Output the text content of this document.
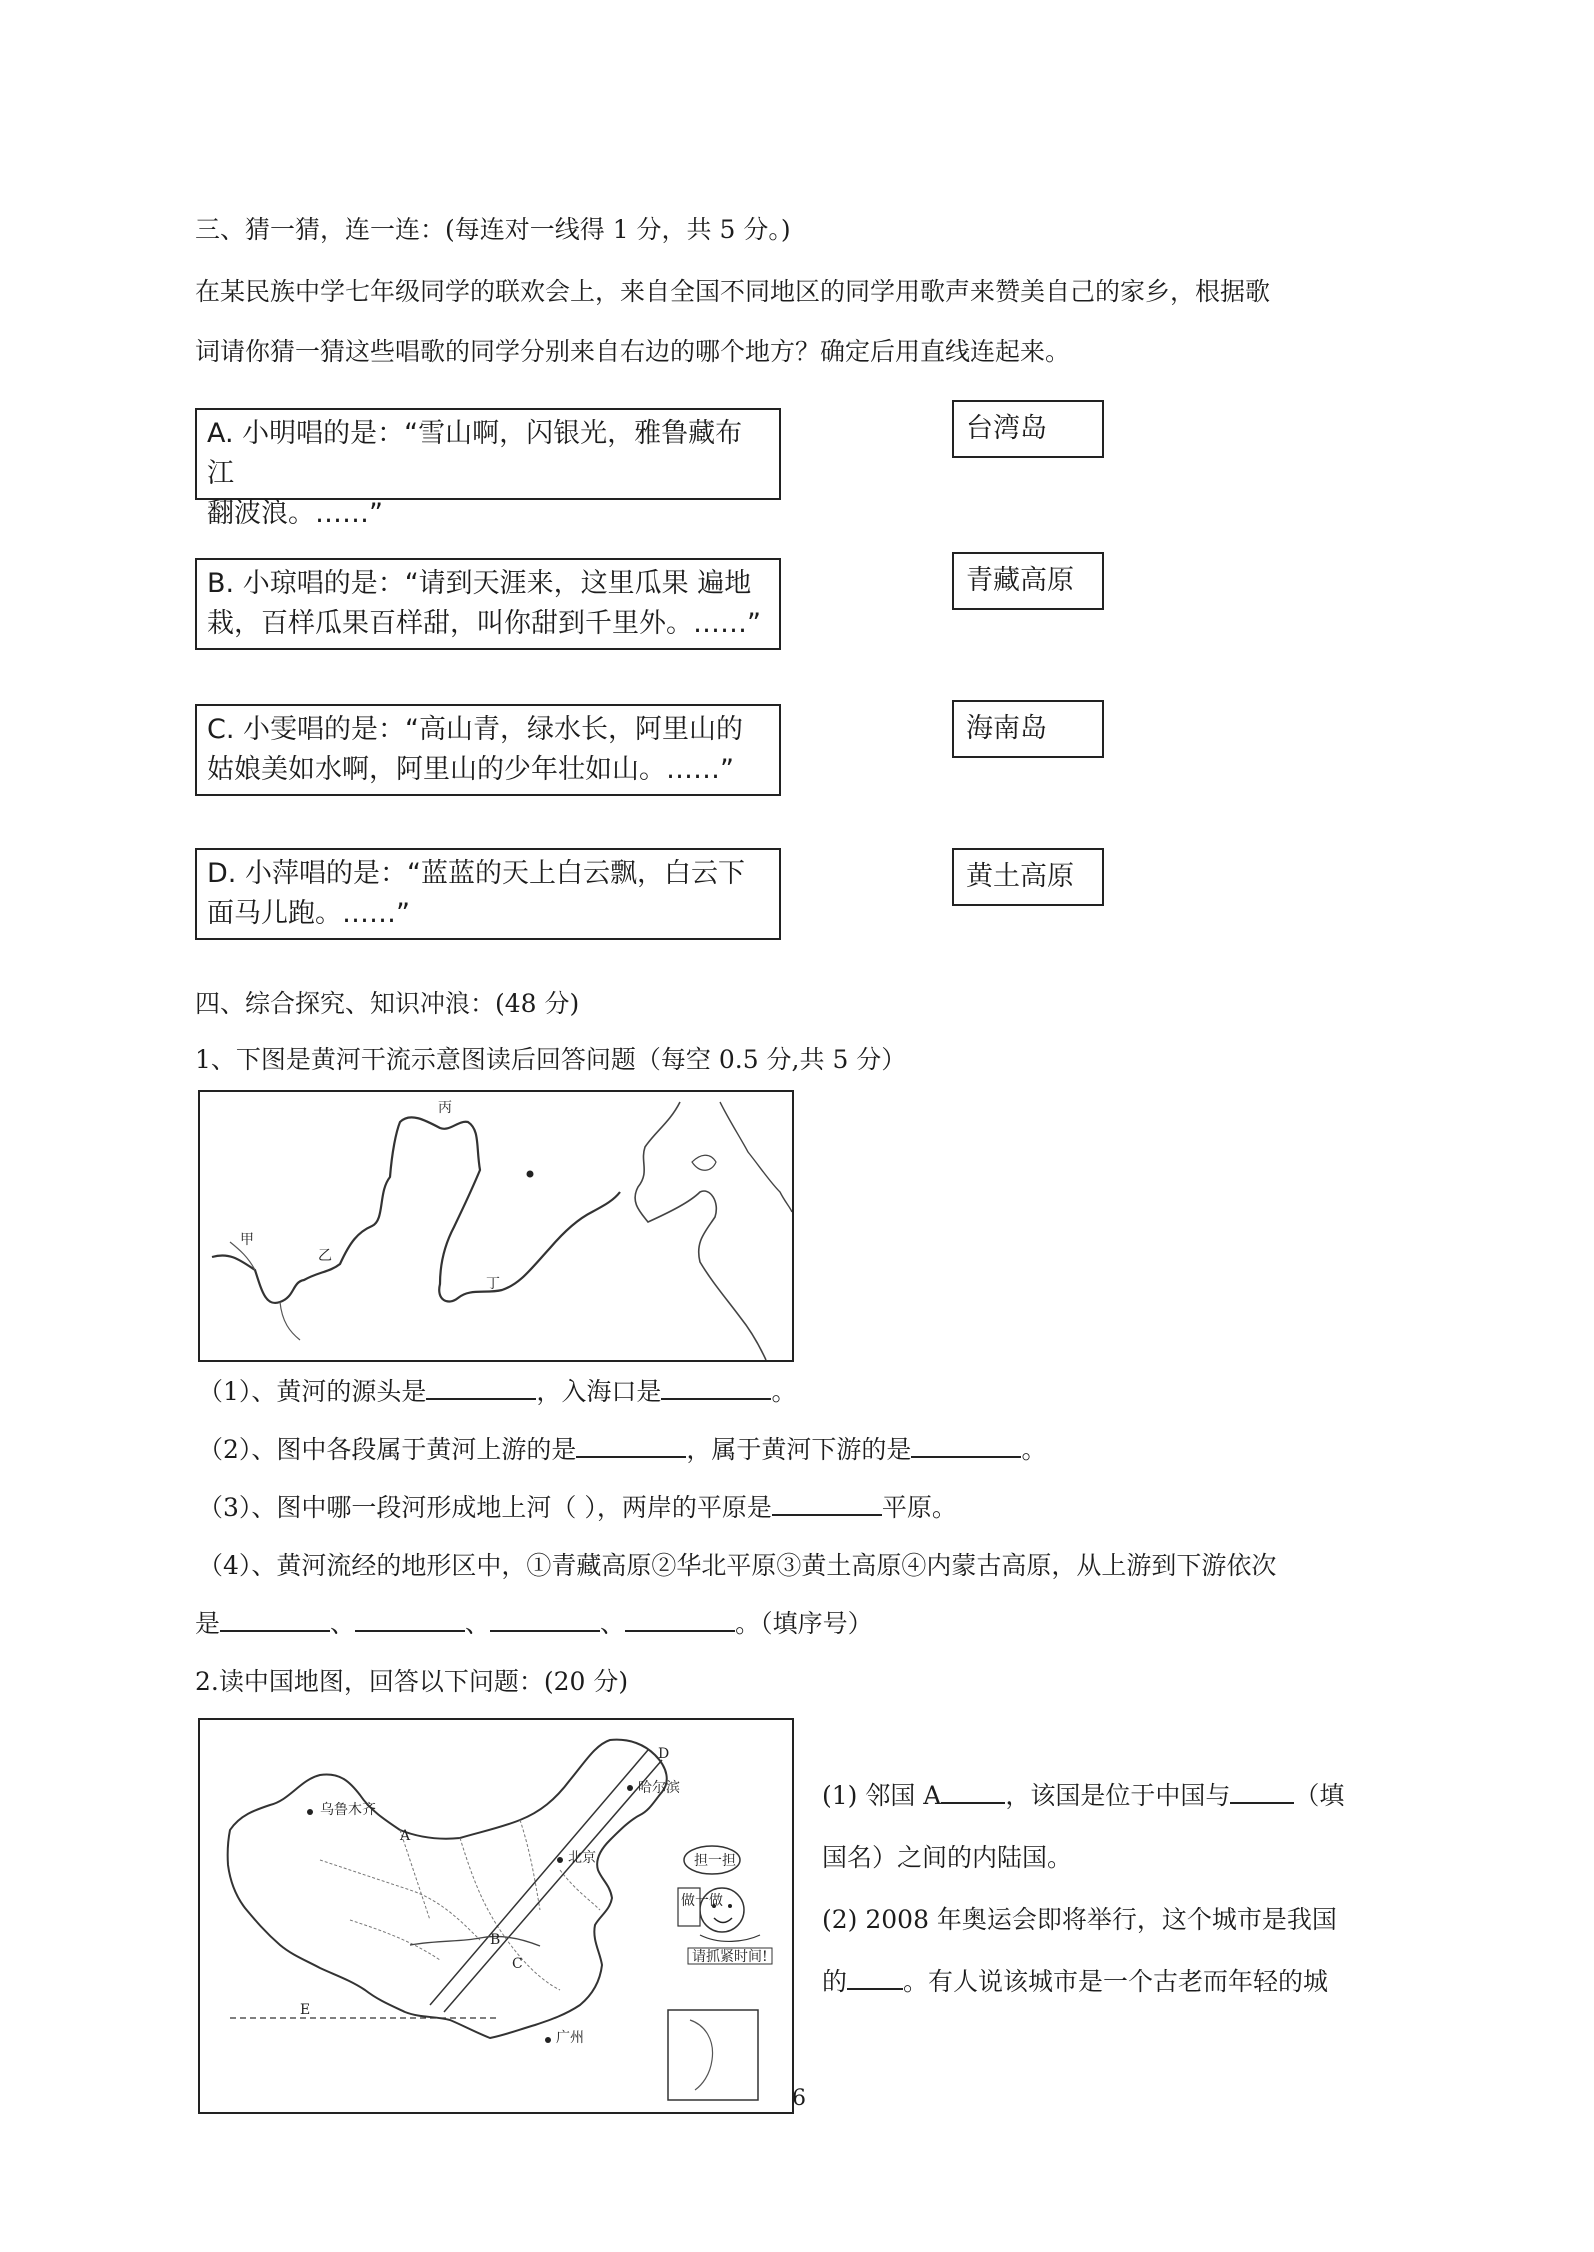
三、猜一猜，连一连：(每连对一线得 1 分，共 5 分。)
在某民族中学七年级同学的联欢会上，来自全国不同地区的同学用歌声来赞美自己的家乡，根据歌
词请你猜一猜这些唱歌的同学分别来自右边的哪个地方？确定后用直线连起来。
A. 小明唱的是：“雪山啊，闪银光，雅鲁藏布江
翻波浪。……”
B. 小琼唱的是：“请到天涯来，这里瓜果 遍地
栽，百样瓜果百样甜，叫你甜到千里外。……”
C. 小雯唱的是：“高山青，绿水长，阿里山的
姑娘美如水啊，阿里山的少年壮如山。……”
D. 小萍唱的是：“蓝蓝的天上白云飘，白云下
面马儿跑。……”
台湾岛
青藏高原
海南岛
黄土高原
四、综合探究、知识冲浪：(48 分)
1、下图是黄河干流示意图读后回答问题（每空 0.5 分,共 5 分）
甲
乙
丙
丁
（1）、黄河的源头是	，入海口是	。
（2）、图中各段属于黄河上游的是	，属于黄河下游的是	。
（3）、图中哪一段河形成地上河（ ），两岸的平原是	平原。
（4）、黄河流经的地形区中，①青藏高原②华北平原③黄土高原④内蒙古高原，从上游到下游依次
是	、	、	、	。（填序号）
2.读中国地图，回答以下问题：(20 分)
乌鲁木齐
A
D
哈尔滨
北京
B
C
E
广州
担一担
做一做
请抓紧时间!
(1) 邻国 A	，该国是位于中国与	（填
国名）之间的内陆国。
(2) 2008 年奥运会即将举行，这个城市是我国
的 。有人说该城市是一个古老而年轻的城
6
